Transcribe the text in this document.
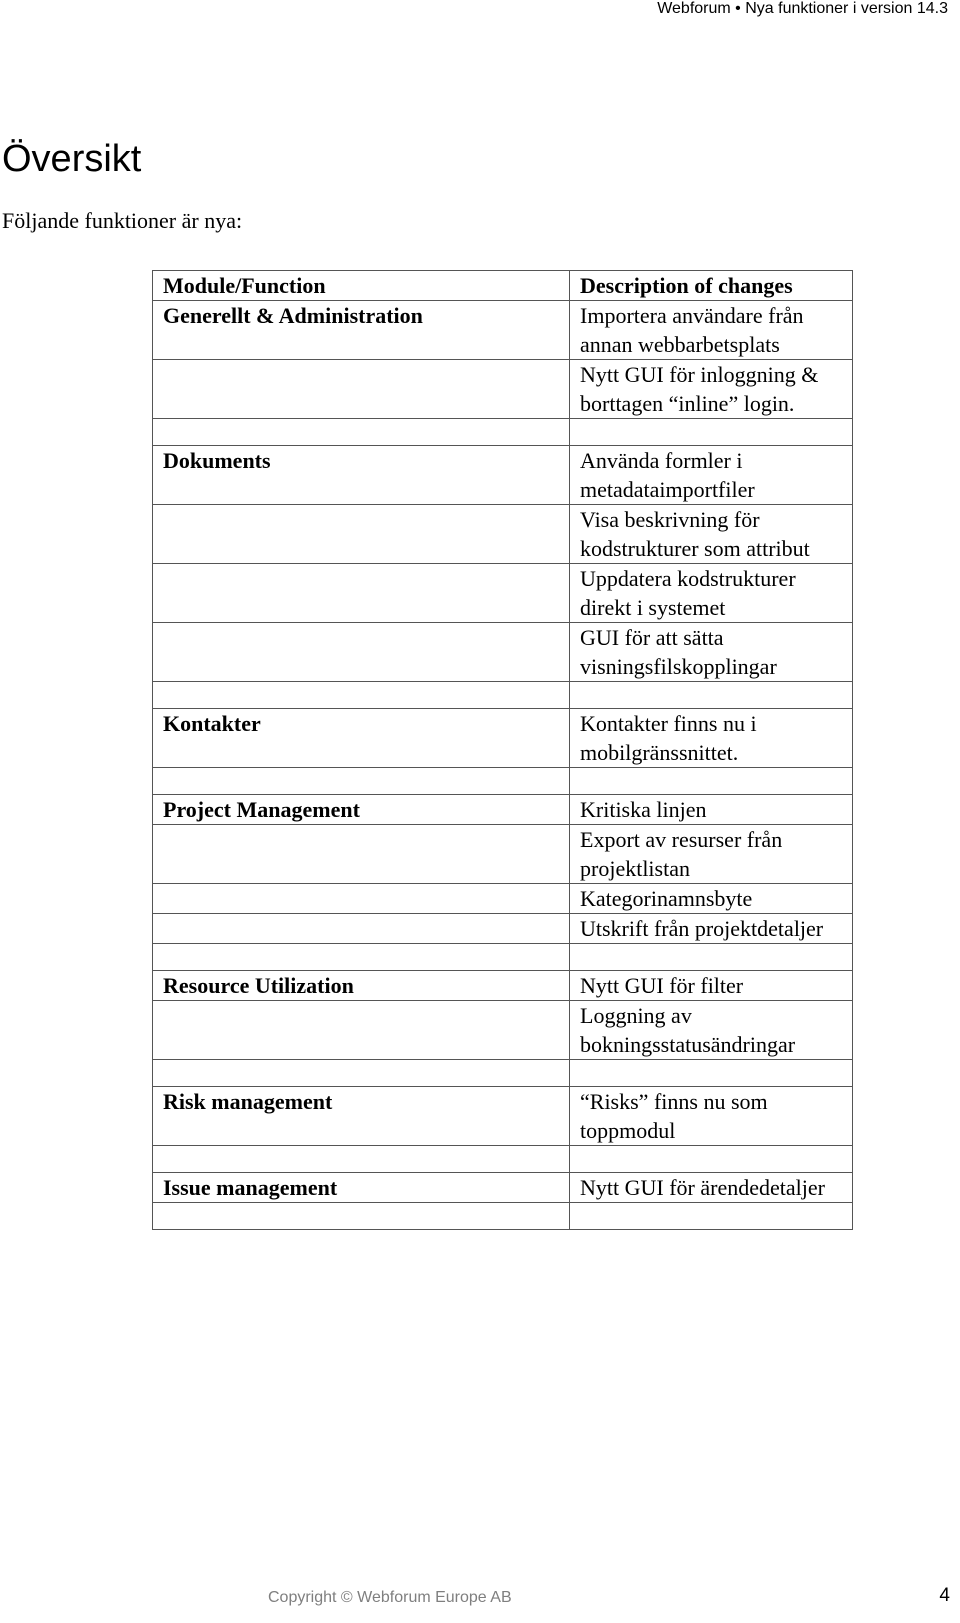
Webforum • Nya funktioner i version 14.3
Översikt
Följande funktioner är nya:
Module/Function	Description of changes
Generellt & Administration	Importera användare från annan webbarbetsplats
	Nytt GUI för inloggning & borttagen “inline” login.

Dokuments	Använda formler i metadataimportfiler
	Visa beskrivning för kodstrukturer som attribut
	Uppdatera kodstrukturer direkt i systemet
	GUI för att sätta visningsfilskopplingar

Kontakter	Kontakter finns nu i mobilgränssnittet.

Project Management	Kritiska linjen
	Export av resurser från projektlistan
	Kategorinamnsbyte
	Utskrift från projektdetaljer

Resource Utilization	Nytt GUI för filter
	Loggning av bokningsstatusändringar

Risk management	“Risks” finns nu som toppmodul

Issue management	Nytt GUI för ärendedetaljer

Copyright © Webforum Europe AB	4
